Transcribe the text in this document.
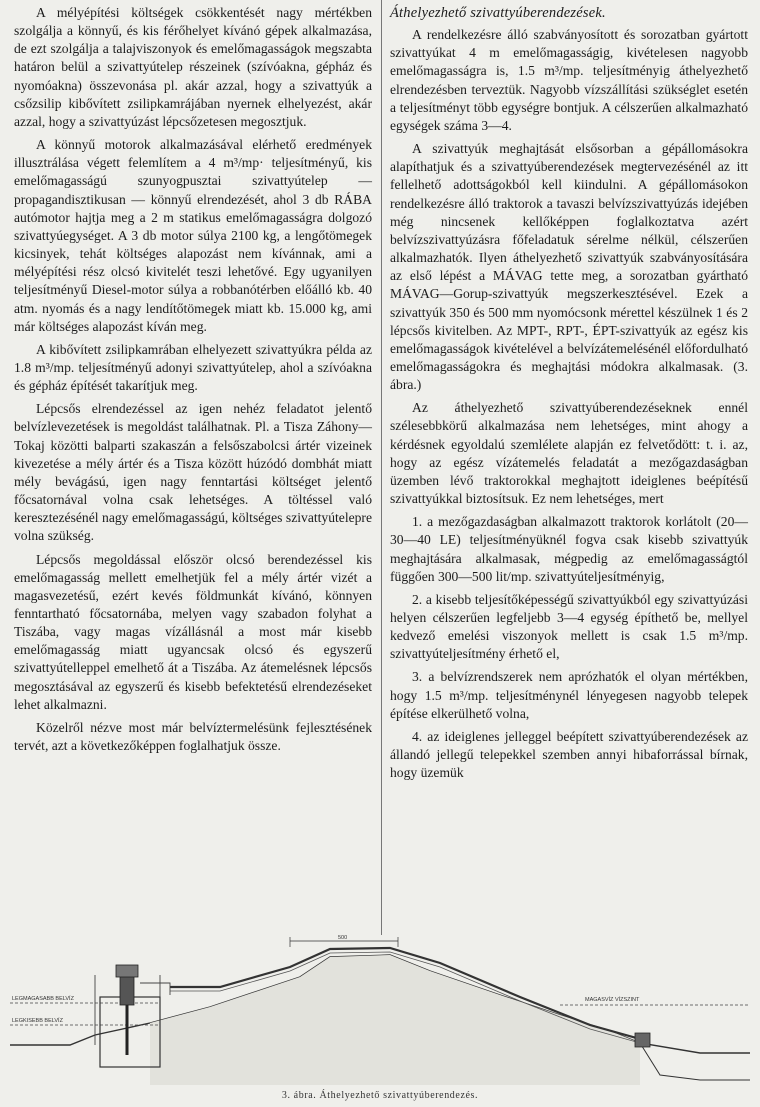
A mélyépítési költségek csökkentését nagy mértékben szolgálja a könnyű, és kis férőhelyet kívánó gépek alkalmazása, de ezt szolgálja a talajviszonyok és emelőmagasságok megszabta határon belül a szivattyútelep részeinek (szívóakna, gépház és nyomóakna) összevonása pl. akár azzal, hogy a szivattyúk a csőzsilip kibővített zsilipkamrájában nyernek elhelyezést, akár azzal, hogy a szivattyúzást lépcsőzetesen megosztjuk.

A könnyű motorok alkalmazásával elérhető eredmények illusztrálása végett felemlítem a 4 m³/mp· teljesítményű, kis emelőmagasságú szunyogpusztai szivattyútelep — propagandisztikusan — könnyű elrendezését, ahol 3 db RÁBA autómotor hajtja meg a 2 m statikus emelőmagasságra dolgozó szivattyúegységet. A 3 db motor súlya 2100 kg, a lengőtömegek kicsinyek, tehát költséges alapozást nem kívánnak, ami a mélyépítési rész olcsó kivitelét teszi lehetővé. Egy ugyanilyen teljesítményű Diesel-motor súlya a robbanótérben előálló kb. 40 atm. nyomás és a nagy lendítőtömegek miatt kb. 15.000 kg, ami már költséges alapozást kíván meg.

A kibővített zsilipkamrában elhelyezett szivattyúkra példa az 1.8 m³/mp. teljesítményű adonyi szivattyútelep, ahol a szívóakna és gépház építését takarítjuk meg.

Lépcsős elrendezéssel az igen nehéz feladatot jelentő belvízlevezetések is megoldást találhatnak. Pl. a Tisza Záhony—Tokaj közötti balparti szakaszán a felsőszabolcsi ártér vizeinek kivezetése a mély ártér és a Tisza között húzódó dombhát miatt mély bevágású, igen nagy fenntartási költséget jelentő főcsatornával volna csak lehetséges. A töltéssel való keresztezésénél nagy emelőmagasságú, költséges szivattyútelepre volna szükség.

Lépcsős megoldással először olcsó berendezéssel kis emelőmagasság mellett emelhetjük fel a mély ártér vizét a magasvezetésű, ezért kevés földmunkát kívánó, könnyen fenntartható főcsatornába, melyen vagy szabadon folyhat a Tiszába, vagy magas vízállásnál a most már kisebb emelőmagasság miatt ugyancsak olcsó és egyszerű szivattyútelleppel emelhető át a Tiszába. Az átemelésnek lépcsős megosztásával az egyszerű és kisebb befektetésű elrendezéseket lehet alkalmazni.

Közelről nézve most már belvíztermelésünk fejlesztésének tervét, azt a következőképpen foglalhatjuk össze.

Áthelyezhető szivattyúberendezések.

A rendelkezésre álló szabványosított és sorozatban gyártott szivattyúkat 4 m emelőmagasságig, kivételesen nagyobb emelőmagasságra is, 1.5 m³/mp. teljesítményig áthelyezhető elrendezésben terveztük. Nagyobb vízszállítási szükséglet esetén a teljesítményt több egységre bontjuk. A célszerűen alkalmazható egységek száma 3—4.

A szivattyúk meghajtását elsősorban a gépállomásokra alapíthatjuk és a szivattyúberendezések megtervezésénél az itt fellelhető adottságokból kell kiindulni. A gépállomásokon rendelkezésre álló traktorok a tavaszi belvízszivattyúzás idejében még nincsenek kellőképpen foglalkoztatva azért belvízszivattyúzásra főfeladatuk sérelme nélkül, célszerűen alkalmazhatók. Ilyen áthelyezhető szivattyúk szabványosítására az első lépést a MÁVAG tette meg, a sorozatban gyártható MÁVAG—Gorup-szivattyúk megszerkesztésével. Ezek a szivattyúk 350 és 500 mm nyomócsonk mérettel készülnek 1 és 2 lépcsős kivitelben. Az MPT-, RPT-, ÉPT-szivattyúk az egész kis emelőmagasságok kivételével a belvízátemelésénél előfordulható emelőmagasságokra és meghajtási módokra alkalmasak. (3. ábra.)

Az áthelyezhető szivattyúberendezéseknek ennél szélesebbkörű alkalmazása nem lehetséges, mint ahogy a kérdésnek egyoldalú szemlélete alapján ez felvetődött: t. i. az, hogy az egész vízátemelés feladatát a mezőgazdaságban üzemben lévő traktorokkal meghajtott ideiglenes beépítésű szivattyúkkal biztosítsuk. Ez nem lehetséges, mert

1. a mezőgazdaságban alkalmazott traktorok korlátolt (20—30—40 LE) teljesítményüknél fogva csak kisebb szivattyúk meghajtására alkalmasak, mégpedig az emelőmagasságtól függően 300—500 lit/mp. szivattyúteljesítményig,

2. a kisebb teljesítőképességű szivattyúkból egy szivattyúzási helyen célszerűen legfeljebb 3—4 egység építhető be, mellyel kedvező emelési viszonyok mellett is csak 1.5 m³/mp. szivattyúteljesítmény érhető el,

3. a belvízrendszerek nem aprózhatók el olyan mértékben, hogy 1.5 m³/mp. teljesítménynél lényegesen nagyobb telepek építése elkerülhető volna,

4. az ideiglenes jelleggel beépített szivattyúberendezések az állandó jellegű telepekkel szemben annyi hibaforrással bírnak, hogy üzemük

500
LEGMAGASABB BELVÍZ
LEGKISEBB BELVÍZ
MAGASVÍZ VÍZSZINT
3. ábra. Áthelyezhető szivattyúberendezés.
